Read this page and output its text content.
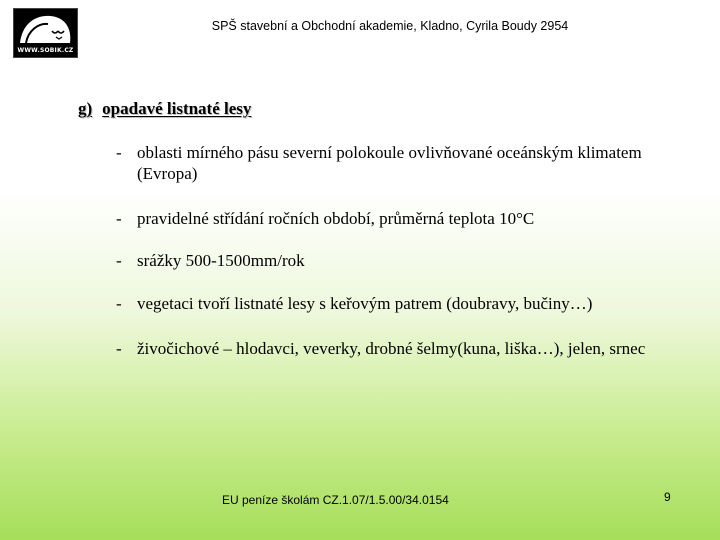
WWW.SOBIK.CZ
SPŠ stavební a Obchodní akademie, Kladno, Cyrila Boudy 2954
g) opadavé listnaté lesy
- oblasti mírného pásu severní polokoule ovlivňované oceánským klimatem (Evropa)
- pravidelné střídání ročních období, průměrná teplota 10°C
- srážky 500-1500mm/rok
- vegetaci tvoří listnaté lesy s keřovým patrem (doubravy, bučiny…)
- živočichové – hlodavci, veverky, drobné šelmy(kuna, liška…), jelen, srnec
EU peníze školám CZ.1.07/1.5.00/34.0154	9
